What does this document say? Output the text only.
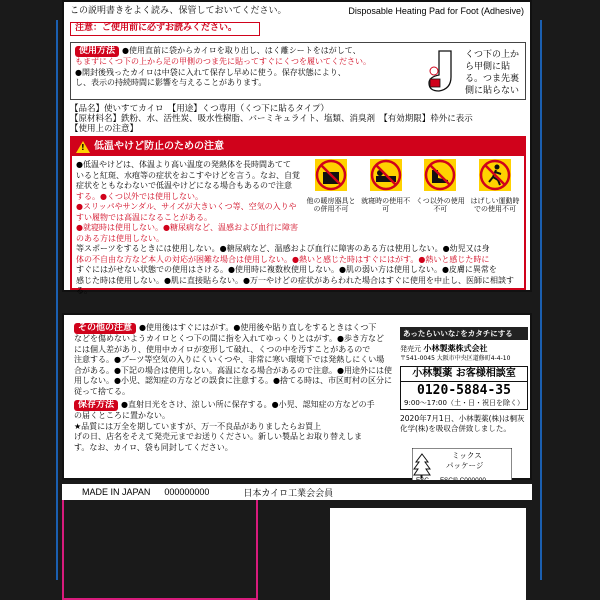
この説明書きをよく読み、保管しておいてください。	Disposable Heating Pad for Foot (Adhesive)
注意：ご使用前に必ずお読みください。
使用方法 ●使用直前に袋からカイロを取り出し、はく離シートをはがして、
もまずにくつ下の上から足の甲側のつま先に貼ってすぐにくつを履いてください。
●開封後残ったカイロは中袋に入れて保存し早めに使う。保存状態により、
し、表示の持続時間に影響を与えることがあります。
くつ下の上から甲側に貼る。つま先裏側に貼らない
【品名】使いすてカイロ　【用途】くつ専用（くつ下に貼るタイプ）
【原材料名】鉄粉、水、活性炭、吸水性樹脂、バーミキュライト、塩類、消臭剤　【有効期限】枠外に表示
【使用上の注意】
!
低温やけど防止のための注意
●低温やけどは、体温より高い温度の発熱体を長時間あてて
いると紅斑、水疱等の症状をおこすやけどを言う。なお、自覚
症状をともなわないで低温やけどになる場合もあるので注意
する。●くつ以外では使用しない。
●スリッパやサンダル、サイズが大きいくつ等、空気の入りやすい履物では高温になることがある。
●就寝時は使用しない。●糖尿病など、温感および血行に障害のある方は使用しない。
等スポーツをするときには使用しない。●糖尿病など、温感および血行に障害のある方は使用しない。●幼児又は身
体の不自由な方など本人の対応が困難な場合は使用しない。●熱いと感じた時はすぐにはがす。●熱いと感じた時に
すぐにはがせない状態での使用はさける。●使用時に複数枚使用しない。●肌の弱い方は使用しない。●皮膚に異常を
感じた時は使用しない。●肌に直接貼らない。●万一やけどの症状があらわれた場合はすぐに使用を中止し、医師に相談する。
他の暖房器具との併用不可
就寝時の使用不可
くつ以外の使用不可
はげしい運動時での使用不可
その他の注意 ●使用後はすぐにはがす。●使用後や貼り直しをするときはくつ下
などを傷めないようカイロとくつ下の間に指を入れてゆっくりとはがす。●歩き方など
には個人差があり、使用中カイロが変形して破れ、くつの中を汚すことがあるので
注意する。●ブーツ等空気の入りにくいくつや、非常に寒い環境下では発熱しにくい場
合がある。●下記の場合は使用しない。高温になる場合があるので注意。●用途外には使
用しない。●小児、認知症の方などの誤食に注意する。●捨てる時は、市区町村の区分に
従って捨てる。
保存方法 ●直射日光をさけ、涼しい所に保存する。●小児、認知症の方などの手
の届くところに置かない。
★品質には万全を期していますが、万一不良品がありましたらお買上
げの日、店名をそえて発売元までお送りください。新しい製品とお取り替えしま
す。なお、カイロ、袋も同封してください。
あったらいいな♪をカタチにする
発売元 小林製薬株式会社
〒541-0045 大阪市中央区道修町4-4-10
小林製薬 お客様相談室
0120-5884-35
9:00〜17:00（土・日・祝日を除く）
2020年7月1日、小林製薬(株)は桐灰化学(株)を吸収合併致しました。
ミックス
パッケージ
MADE IN JAPAN 000000000	日本カイロ工業会会員
